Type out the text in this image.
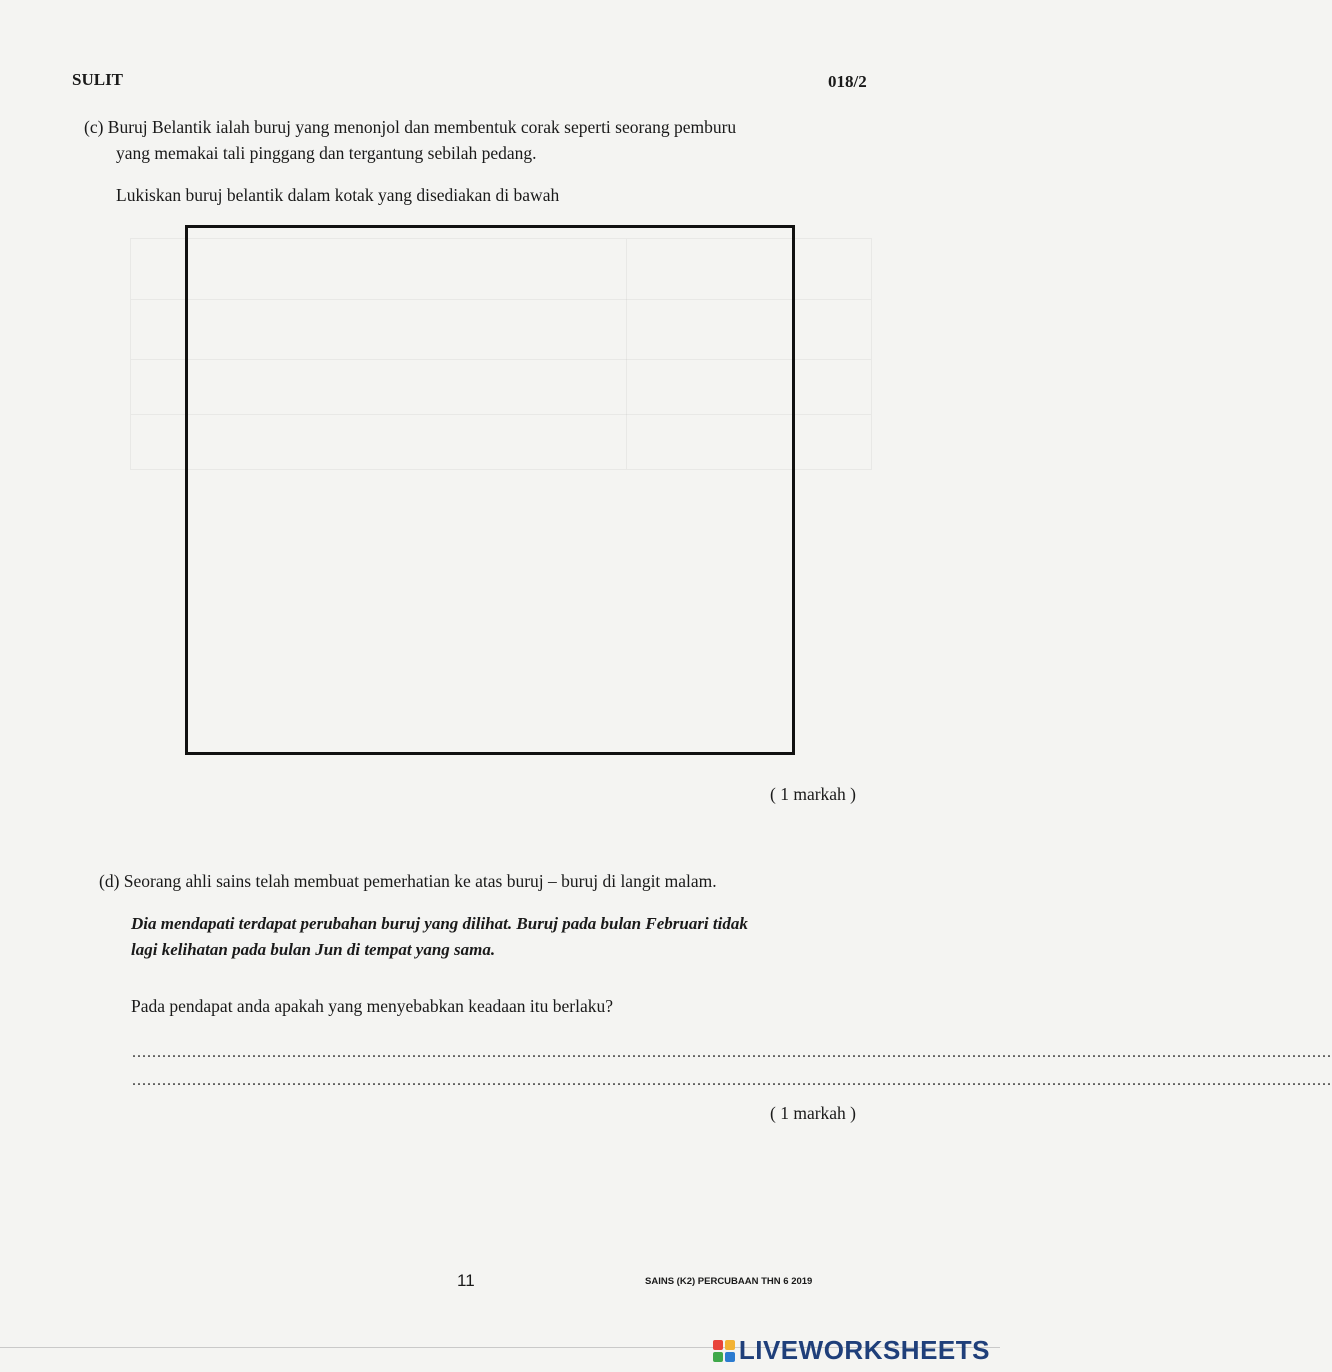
SULIT	018/2
(c) Buruj Belantik ialah buruj yang menonjol dan membentuk corak seperti seorang pemburu
yang memakai tali pinggang dan tergantung sebilah pedang.
Lukiskan buruj belantik dalam kotak yang disediakan di bawah
( 1 markah )
(d) Seorang ahli sains telah membuat pemerhatian ke atas buruj – buruj di langit malam.
Dia mendapati terdapat perubahan buruj yang dilihat. Buruj pada bulan Februari tidak
lagi kelihatan pada bulan Jun di tempat yang sama.
Pada pendapat anda apakah yang menyebabkan keadaan itu berlaku?
................................................................................................................................................................................................................................................
................................................................................................................................................................................................................................................
( 1 markah )
11	SAINS (K2) PERCUBAAN THN 6 2019
LIVEWORKSHEETS
